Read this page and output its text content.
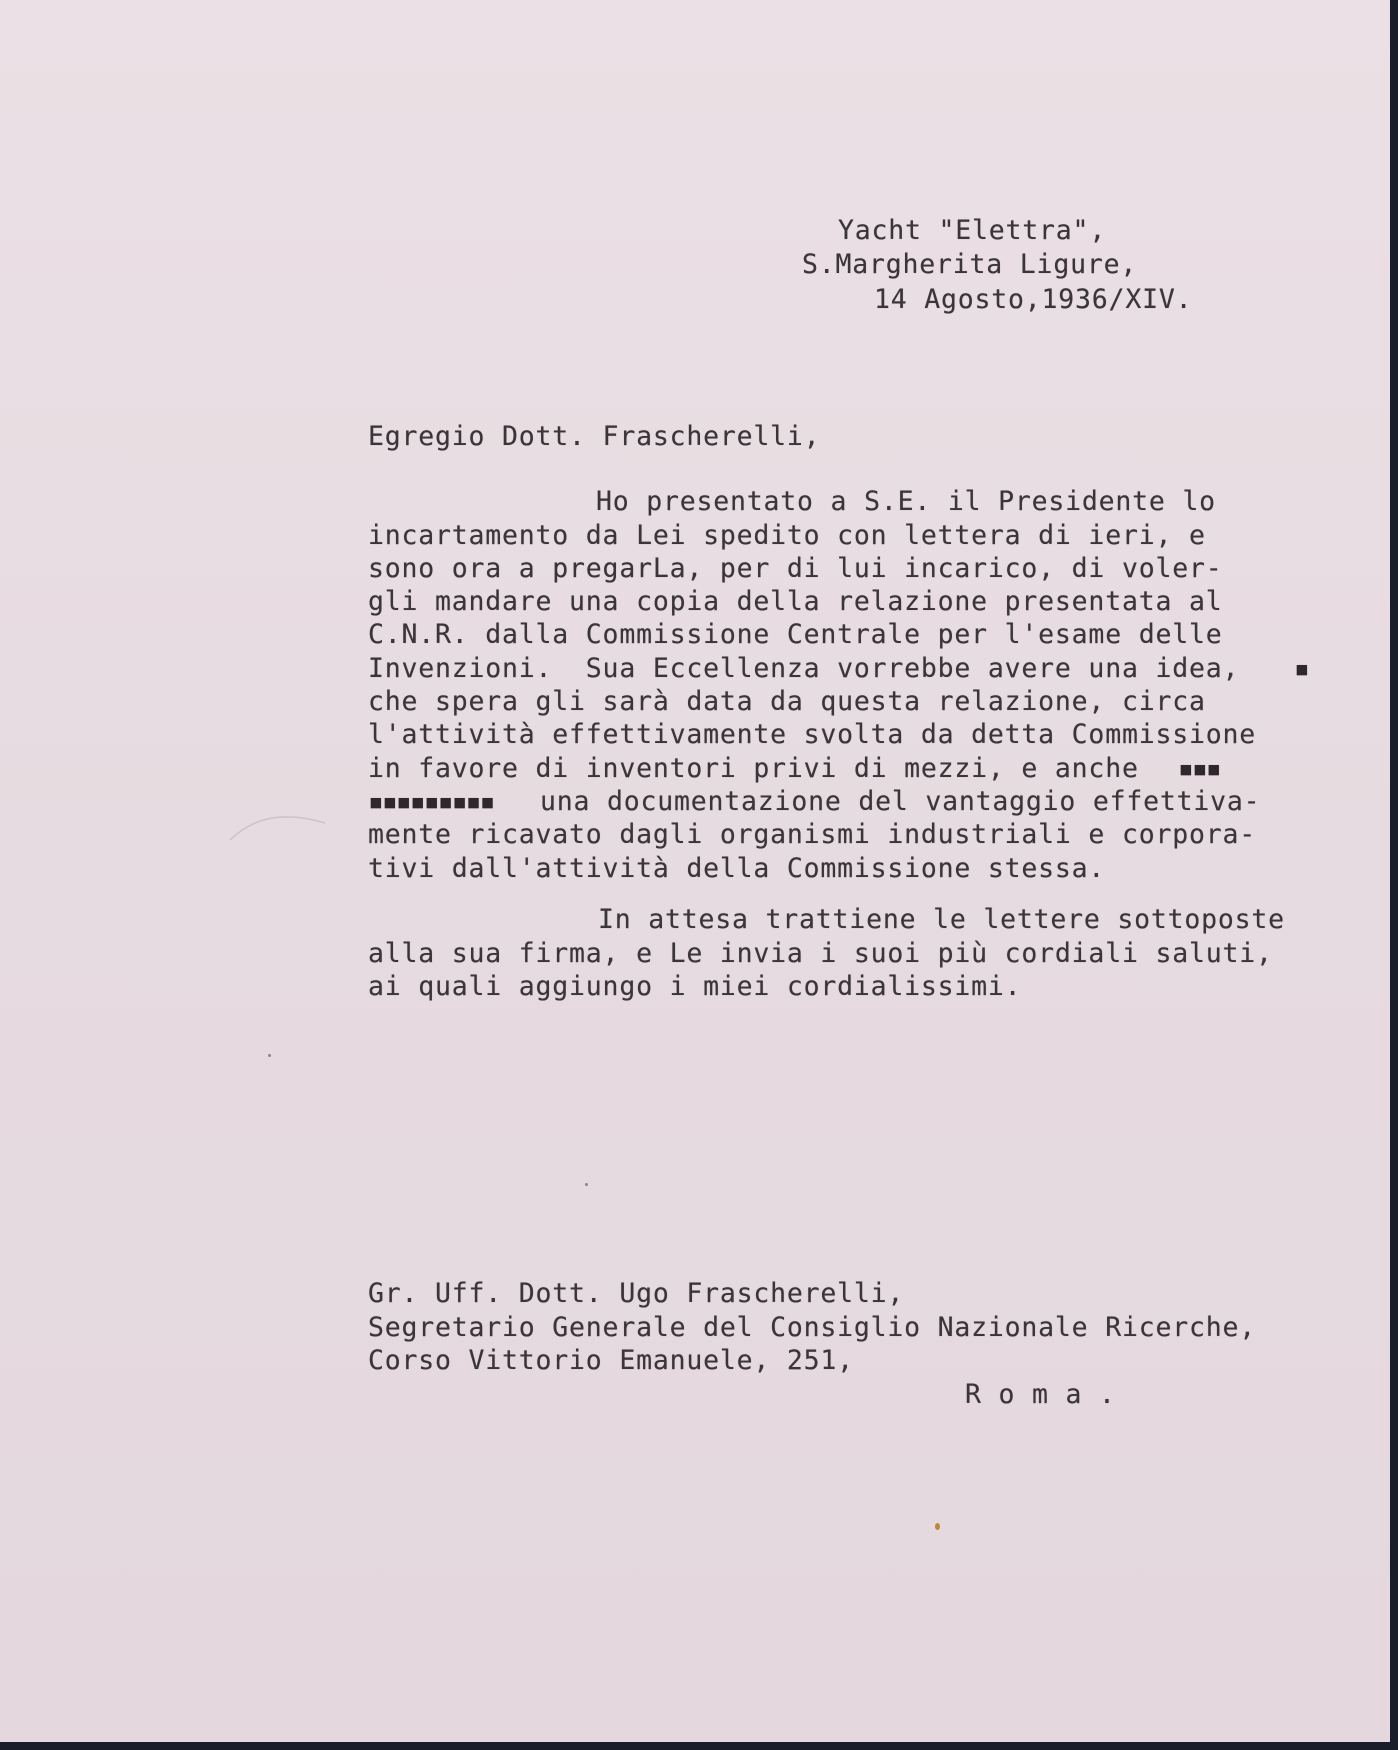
Yacht "Elettra",

S.Margherita Ligure,

14 Agosto,1936/XIV.

Egregio Dott. Frascherelli,

Ho presentato a S.E. il Presidente lo

incartamento da Lei spedito con lettera di ieri, e

sono ora a pregarLa, per di lui incarico, di voler-

gli mandare una copia della relazione presentata al

C.N.R. dalla Commissione Centrale per l'esame delle

Invenzioni.  Sua Eccellenza vorrebbe avere una idea, ▪

che spera gli sarà data da questa relazione, circa

l'attività effettivamente svolta da detta Commissione

in favore di inventori privi di mezzi, e anche ▪▪▪
▪▪▪▪▪▪▪▪▪ una documentazione del vantaggio effettiva-

mente ricavato dagli organismi industriali e corpora-

tivi dall'attività della Commissione stessa.

In attesa trattiene le lettere sottoposte

alla sua firma, e Le invia i suoi più cordiali saluti,

ai quali aggiungo i miei cordialissimi.

Gr. Uff. Dott. Ugo Frascherelli,

Segretario Generale del Consiglio Nazionale Ricerche,

Corso Vittorio Emanuele, 251,

R o m a .
